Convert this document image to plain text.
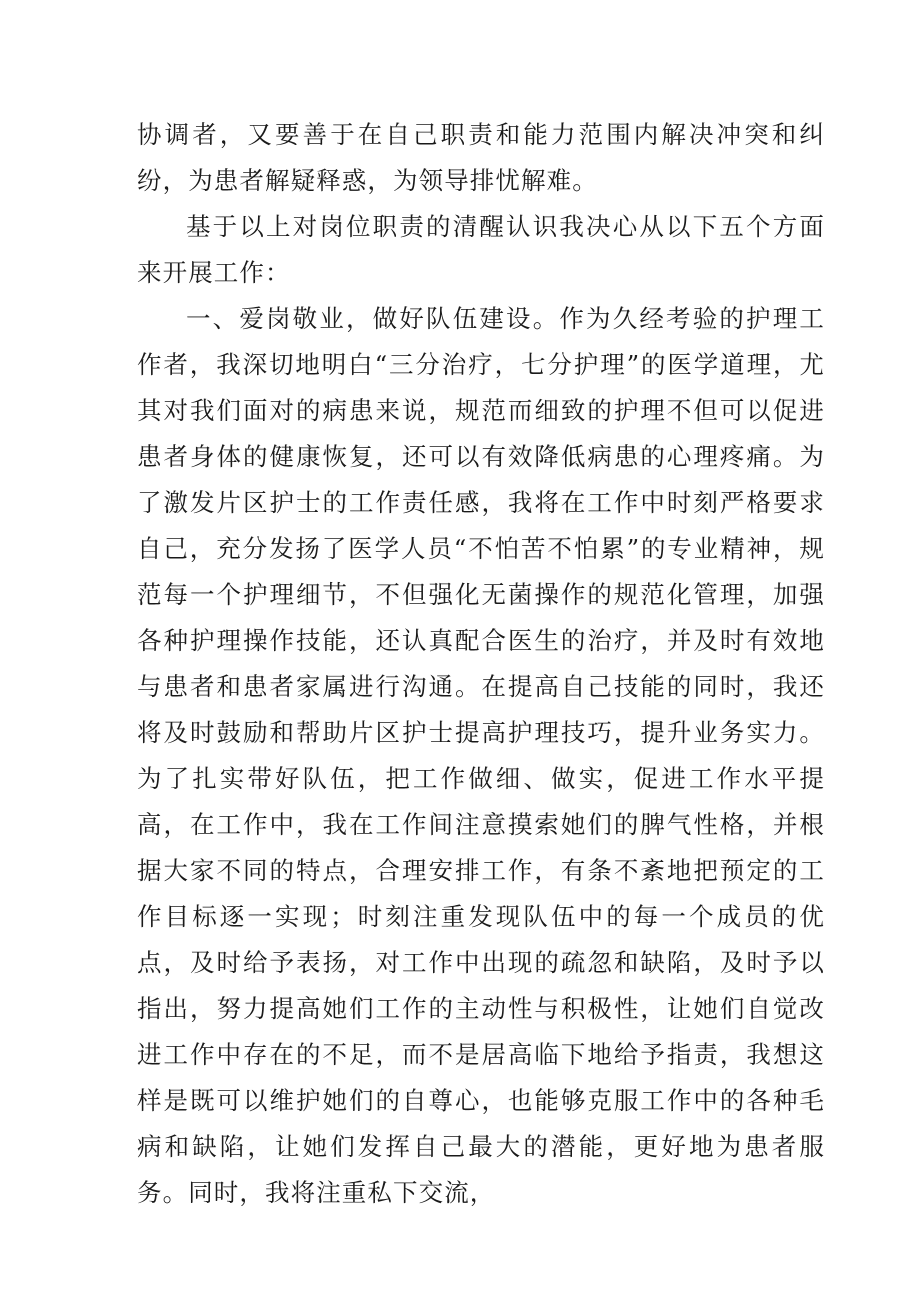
协调者，又要善于在自己职责和能力范围内解决冲突和纠纷，为患者解疑释惑，为领导排忧解难。

基于以上对岗位职责的清醒认识我决心从以下五个方面来开展工作：

一、爱岗敬业，做好队伍建设。作为久经考验的护理工作者，我深切地明白“三分治疗，七分护理”的医学道理，尤其对我们面对的病患来说，规范而细致的护理不但可以促进患者身体的健康恢复，还可以有效降低病患的心理疼痛。为了激发片区护士的工作责任感，我将在工作中时刻严格要求自己，充分发扬了医学人员“不怕苦不怕累”的专业精神，规范每一个护理细节，不但强化无菌操作的规范化管理，加强各种护理操作技能，还认真配合医生的治疗，并及时有效地与患者和患者家属进行沟通。在提高自己技能的同时，我还将及时鼓励和帮助片区护士提高护理技巧，提升业务实力。为了扎实带好队伍，把工作做细、做实，促进工作水平提高，在工作中，我在工作间注意摸索她们的脾气性格，并根据大家不同的特点，合理安排工作，有条不紊地把预定的工作目标逐一实现；时刻注重发现队伍中的每一个成员的优点，及时给予表扬，对工作中出现的疏忽和缺陷，及时予以指出，努力提高她们工作的主动性与积极性，让她们自觉改进工作中存在的不足，而不是居高临下地给予指责，我想这样是既可以维护她们的自尊心，也能够克服工作中的各种毛病和缺陷，让她们发挥自己最大的潜能，更好地为患者服务。同时，我将注重私下交流，
